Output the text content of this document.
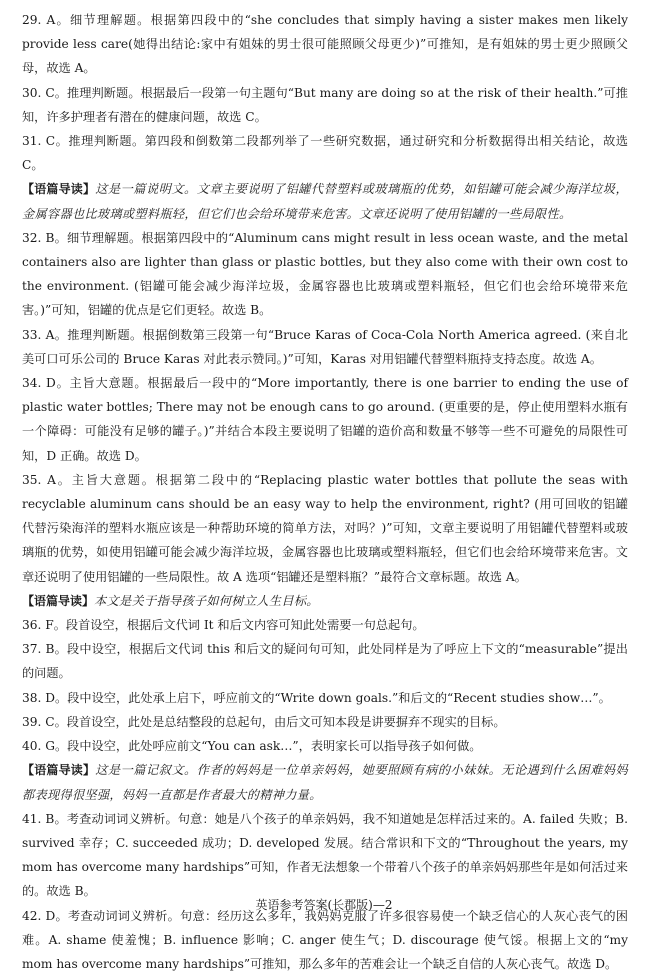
29. A。细节理解题。根据第四段中的“she concludes that simply having a sister makes men likely provide less care(她得出结论:家中有姐妹的男士很可能照顾父母更少)”可推知，是有姐妹的男士更少照顾父母，故选 A。

30. C。推理判断题。根据最后一段第一句主题句“But many are doing so at the risk of their health.”可推知，许多护理者有潜在的健康问题，故选 C。

31. C。推理判断题。第四段和倒数第二段都列举了一些研究数据，通过研究和分析数据得出相关结论，故选 C。

【语篇导读】这是一篇说明文。文章主要说明了铝罐代替塑料或玻璃瓶的优势，如铝罐可能会减少海洋垃圾，金属容器也比玻璃或塑料瓶轻，但它们也会给环境带来危害。文章还说明了使用铝罐的一些局限性。

32. B。细节理解题。根据第四段中的“Aluminum cans might result in less ocean waste, and the metal containers also are lighter than glass or plastic bottles, but they also come with their own cost to the environment. (铝罐可能会减少海洋垃圾，金属容器也比玻璃或塑料瓶轻，但它们也会给环境带来危害。)”可知，铝罐的优点是它们更轻。故选 B。

33. A。推理判断题。根据倒数第三段第一句“Bruce Karas of Coca-Cola North America agreed. (来自北美可口可乐公司的 Bruce Karas 对此表示赞同。)”可知，Karas 对用铝罐代替塑料瓶持支持态度。故选 A。

34. D。主旨大意题。根据最后一段中的“More importantly, there is one barrier to ending the use of plastic water bottles; There may not be enough cans to go around. (更重要的是，停止使用塑料水瓶有一个障碍：可能没有足够的罐子。)”并结合本段主要说明了铝罐的造价高和数量不够等一些不可避免的局限性可知，D 正确。故选 D。

35. A。主旨大意题。根据第二段中的“Replacing plastic water bottles that pollute the seas with recyclable aluminum cans should be an easy way to help the environment, right? (用可回收的铝罐代替污染海洋的塑料水瓶应该是一种帮助环境的简单方法，对吗？)”可知，文章主要说明了用铝罐代替塑料或玻璃瓶的优势，如使用铝罐可能会减少海洋垃圾，金属容器也比玻璃或塑料瓶轻，但它们也会给环境带来危害。文章还说明了使用铝罐的一些局限性。故 A 选项“铝罐还是塑料瓶？”最符合文章标题。故选 A。

【语篇导读】本文是关于指导孩子如何树立人生目标。

36. F。段首设空，根据后文代词 It 和后文内容可知此处需要一句总起句。

37. B。段中设空，根据后文代词 this 和后文的疑问句可知，此处同样是为了呼应上下文的“measurable”提出的问题。

38. D。段中设空，此处承上启下，呼应前文的“Write down goals.”和后文的“Recent studies show…”。

39. C。段首设空，此处是总结整段的总起句，由后文可知本段是讲要摒弃不现实的目标。

40. G。段中设空，此处呼应前文“You can ask…”，表明家长可以指导孩子如何做。

【语篇导读】这是一篇记叙文。作者的妈妈是一位单亲妈妈，她要照顾有病的小妹妹。无论遇到什么困难妈妈都表现得很坚强，妈妈一直都是作者最大的精神力量。

41. B。考查动词词义辨析。句意：她是八个孩子的单亲妈妈，我不知道她是怎样活过来的。A. failed 失败；B. survived 幸存；C. succeeded 成功；D. developed 发展。结合常识和下文的“Throughout the years, my mom has overcome many hardships”可知，作者无法想象一个带着八个孩子的单亲妈妈那些年是如何活过来的。故选 B。

42. D。考查动词词义辨析。句意：经历这么多年，我妈妈克服了许多很容易使一个缺乏信心的人灰心丧气的困难。A. shame 使羞愧；B. influence 影响；C. anger 使生气；D. discourage 使气馁。根据上文的“my mom has overcome many hardships”可推知，那么多年的苦难会让一个缺乏自信的人灰心丧气。故选 D。

英语参考答案(长郡版)—2
